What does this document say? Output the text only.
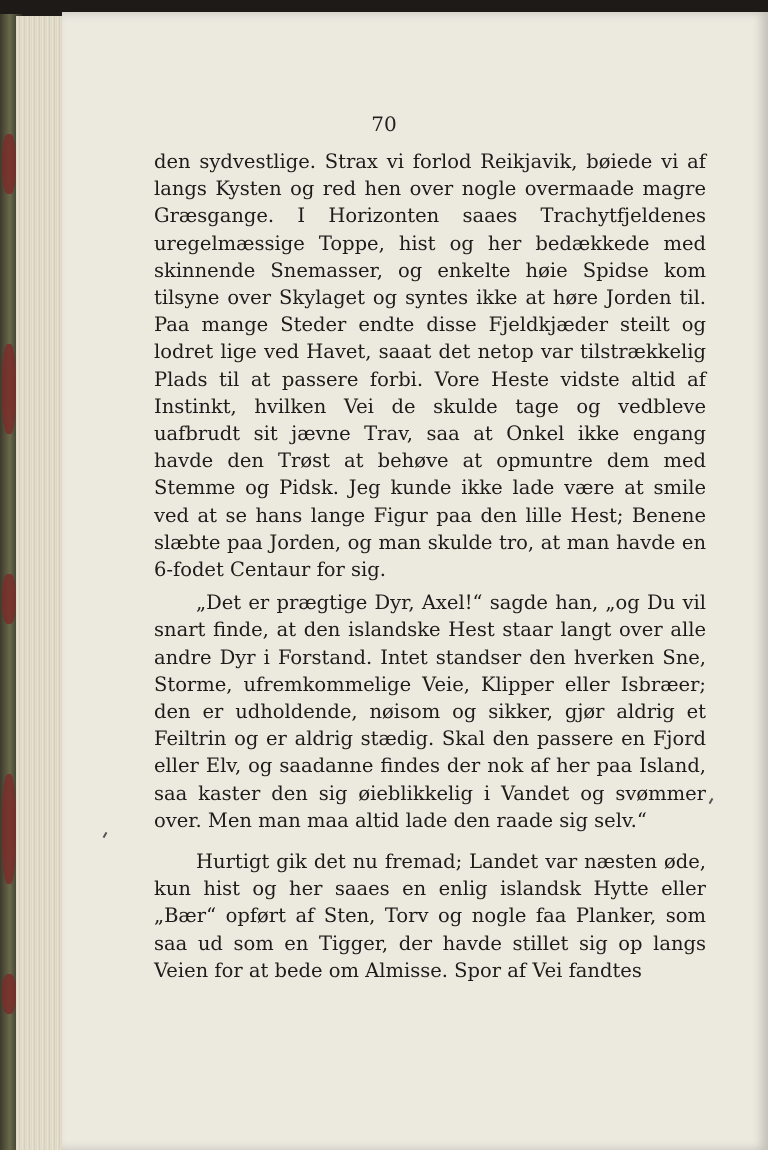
70

den sydvestlige. Strax vi forlod Reikjavik, bøiede vi af langs Kysten og red hen over nogle overmaade magre Græsgange. I Horizonten saaes Trachytfjeldenes uregelmæssige Toppe, hist og her bedækkede med skinnende Snemasser, og enkelte høie Spidse kom tilsyne over Skylaget og syntes ikke at høre Jorden til. Paa mange Steder endte disse Fjeldkjæder steilt og lodret lige ved Havet, saaat det netop var tilstrækkelig Plads til at passere forbi. Vore Heste vidste altid af Instinkt, hvilken Vei de skulde tage og vedbleve uafbrudt sit jævne Trav, saa at Onkel ikke engang havde den Trøst at behøve at opmuntre dem med Stemme og Pidsk. Jeg kunde ikke lade være at smile ved at se hans lange Figur paa den lille Hest; Benene slæbte paa Jorden, og man skulde tro, at man havde en 6-fodet Centaur for sig.

„Det er prægtige Dyr, Axel!“ sagde han, „og Du vil snart finde, at den islandske Hest staar langt over alle andre Dyr i Forstand. Intet standser den hverken Sne, Storme, ufremkommelige Veie, Klipper eller Isbræer; den er udholdende, nøisom og sikker, gjør aldrig et Feiltrin og er aldrig stædig. Skal den passere en Fjord eller Elv, og saadanne findes der nok af her paa Island, saa kaster den sig øieblikkelig i Vandet og svømmer over. Men man maa altid lade den raade sig selv.“

Hurtigt gik det nu fremad; Landet var næsten øde, kun hist og her saaes en enlig islandsk Hytte eller „Bær“ opført af Sten, Torv og nogle faa Planker, som saa ud som en Tigger, der havde stillet sig op langs Veien for at bede om Almisse. Spor af Vei fandtes
